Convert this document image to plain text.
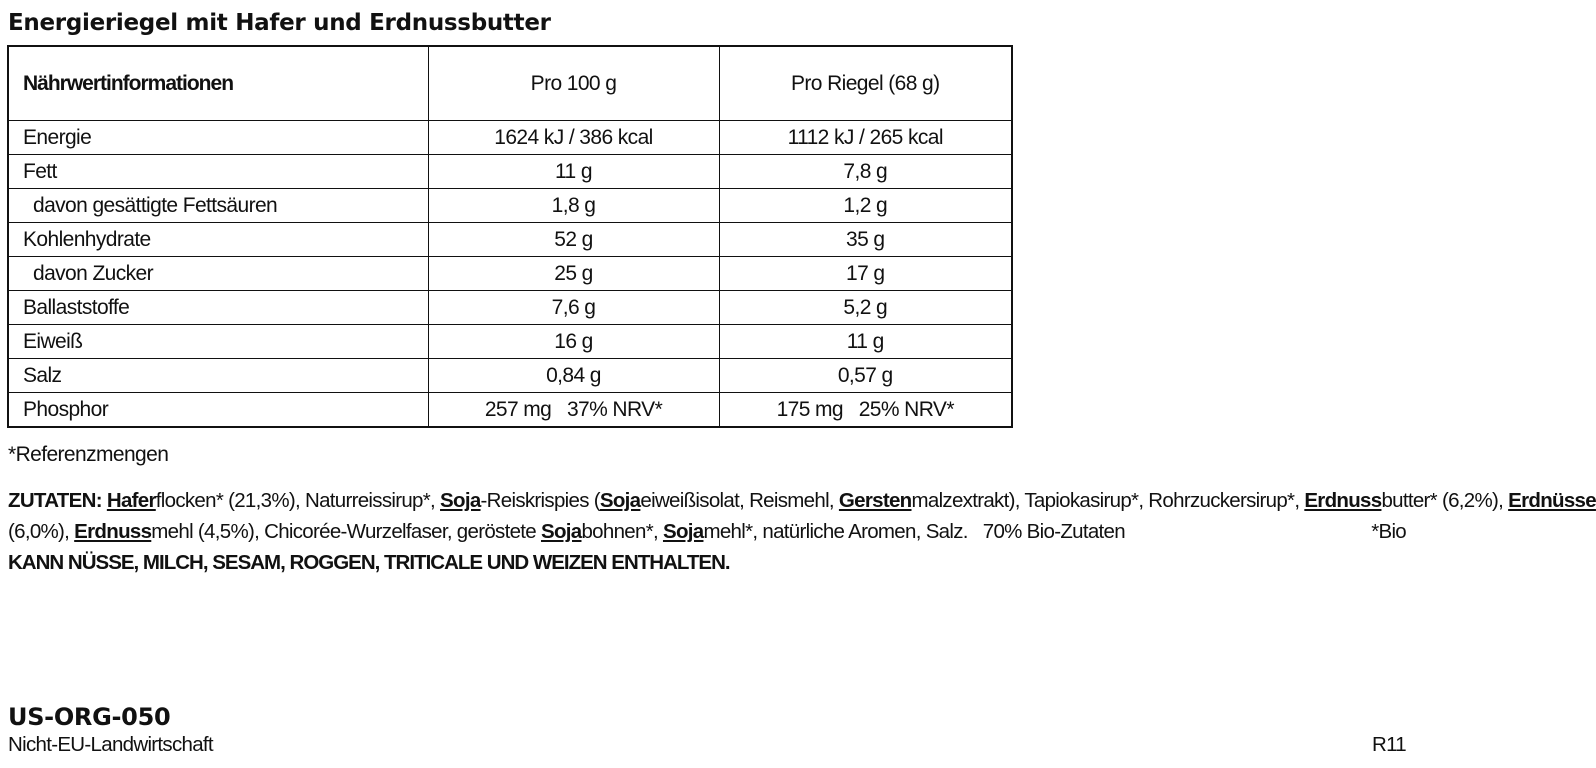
Energieriegel mit Hafer und Erdnussbutter
Nährwertinformationen	Pro 100 g	Pro Riegel (68 g)
Energie	1624 kJ / 386 kcal	1112 kJ / 265 kcal
Fett	11 g	7,8 g
davon gesättigte Fettsäuren	1,8 g	1,2 g
Kohlenhydrate	52 g	35 g
davon Zucker	25 g	17 g
Ballaststoffe	7,6 g	5,2 g
Eiweiß	16 g	11 g
Salz	0,84 g	0,57 g
Phosphor	257 mg   37% NRV*	175 mg   25% NRV*
*Referenzmengen
ZUTATEN: Haferflocken* (21,3%), Naturreissirup*, Soja-Reiskrispies (Sojaeiweißisolat, Reismehl, Gerstenmalzextrakt), Tapiokasirup*, Rohrzuckersirup*, Erdnussbutter* (6,2%), Erdnüsse
(6,0%), Erdnussmehl (4,5%), Chicorée-Wurzelfaser, geröstete Sojabohnen*, Sojamehl*, natürliche Aromen, Salz.   70% Bio-Zutaten	*Bio
KANN NÜSSE, MILCH, SESAM, ROGGEN, TRITICALE UND WEIZEN ENTHALTEN.
US-ORG-050
Nicht-EU-Landwirtschaft	R11
